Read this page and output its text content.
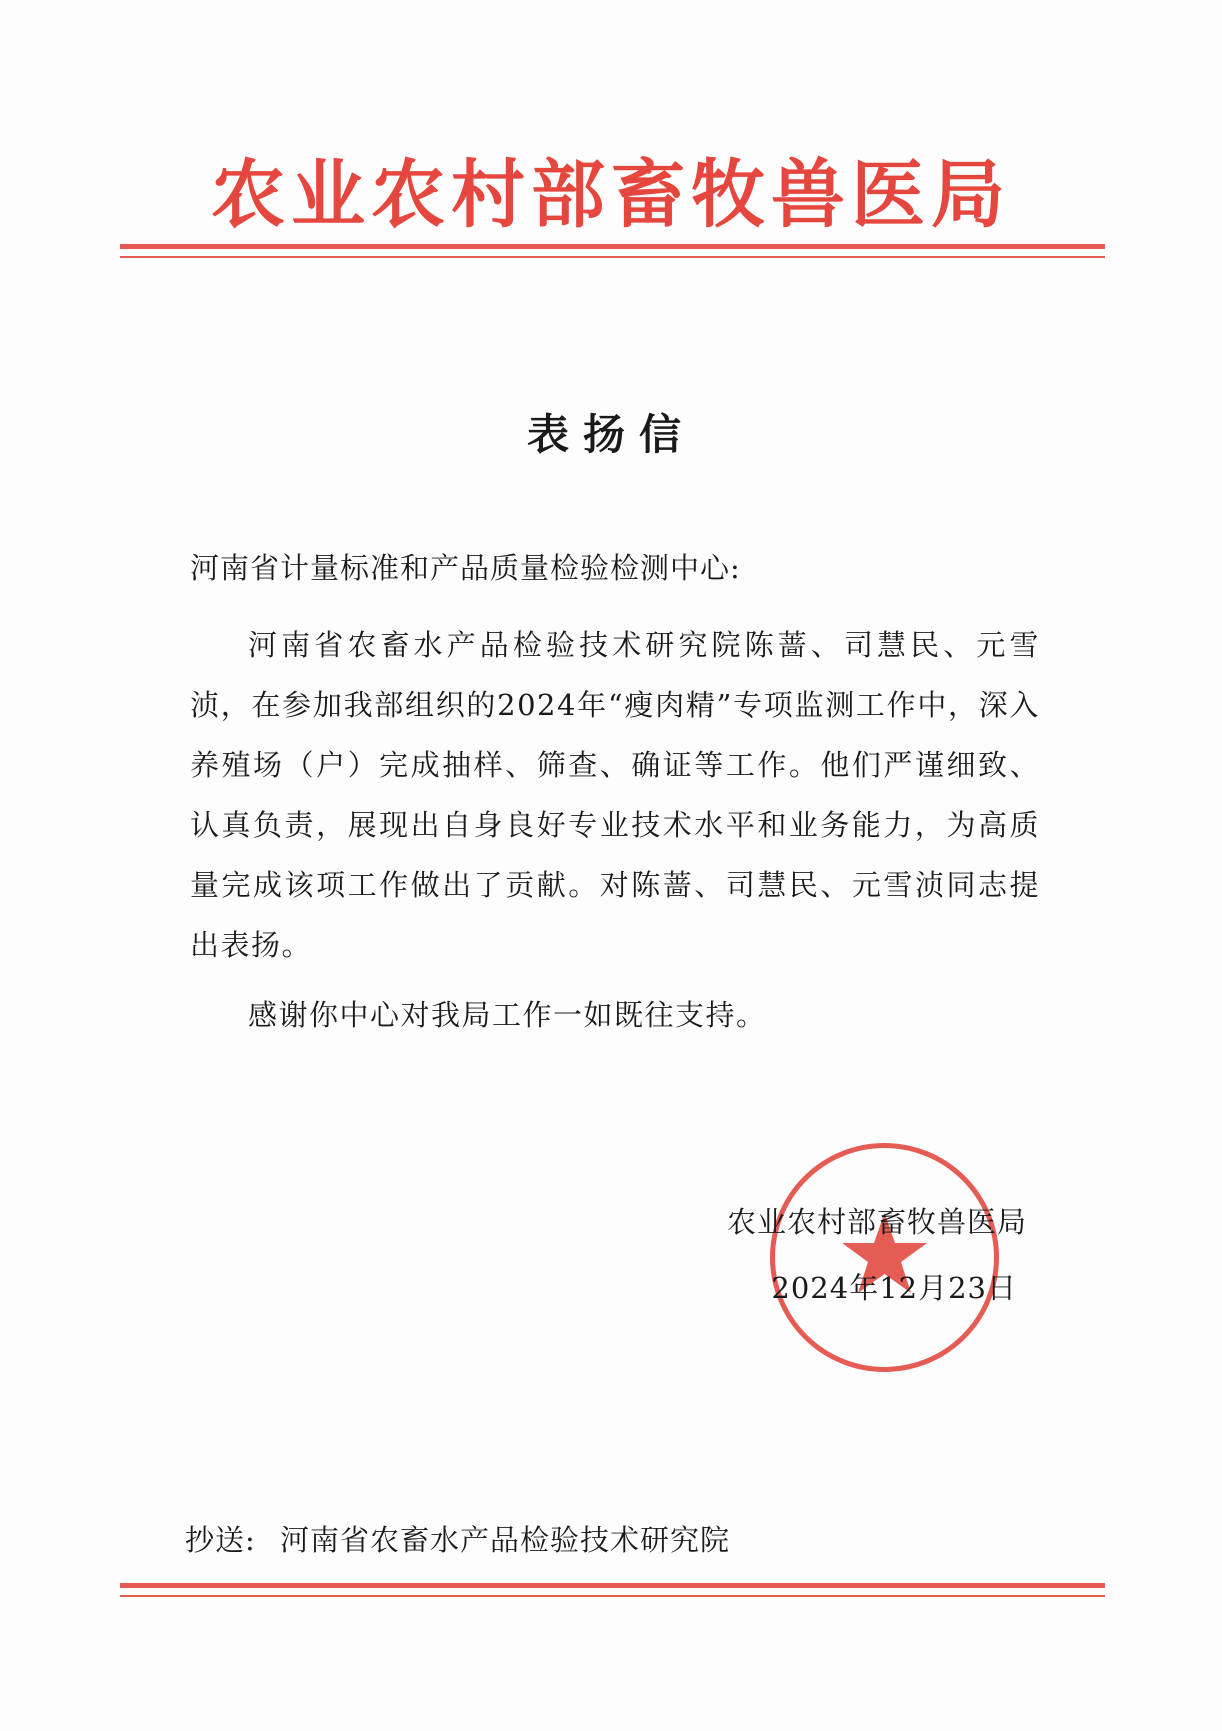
农业农村部畜牧兽医局
表扬信
河南省计量标准和产品质量检验检测中心:

河南省农畜水产品检验技术研究院陈蔷、司慧民、元雪浈，在参加我部组织的2024年“瘦肉精”专项监测工作中，深入养殖场（户）完成抽样、筛查、确证等工作。他们严谨细致、认真负责，展现出自身良好专业技术水平和业务能力，为高质量完成该项工作做出了贡献。对陈蔷、司慧民、元雪浈同志提出表扬。

感谢你中心对我局工作一如既往支持。

农业农村部畜牧兽医局
2024年12月23日
抄送: 河南省农畜水产品检验技术研究院
